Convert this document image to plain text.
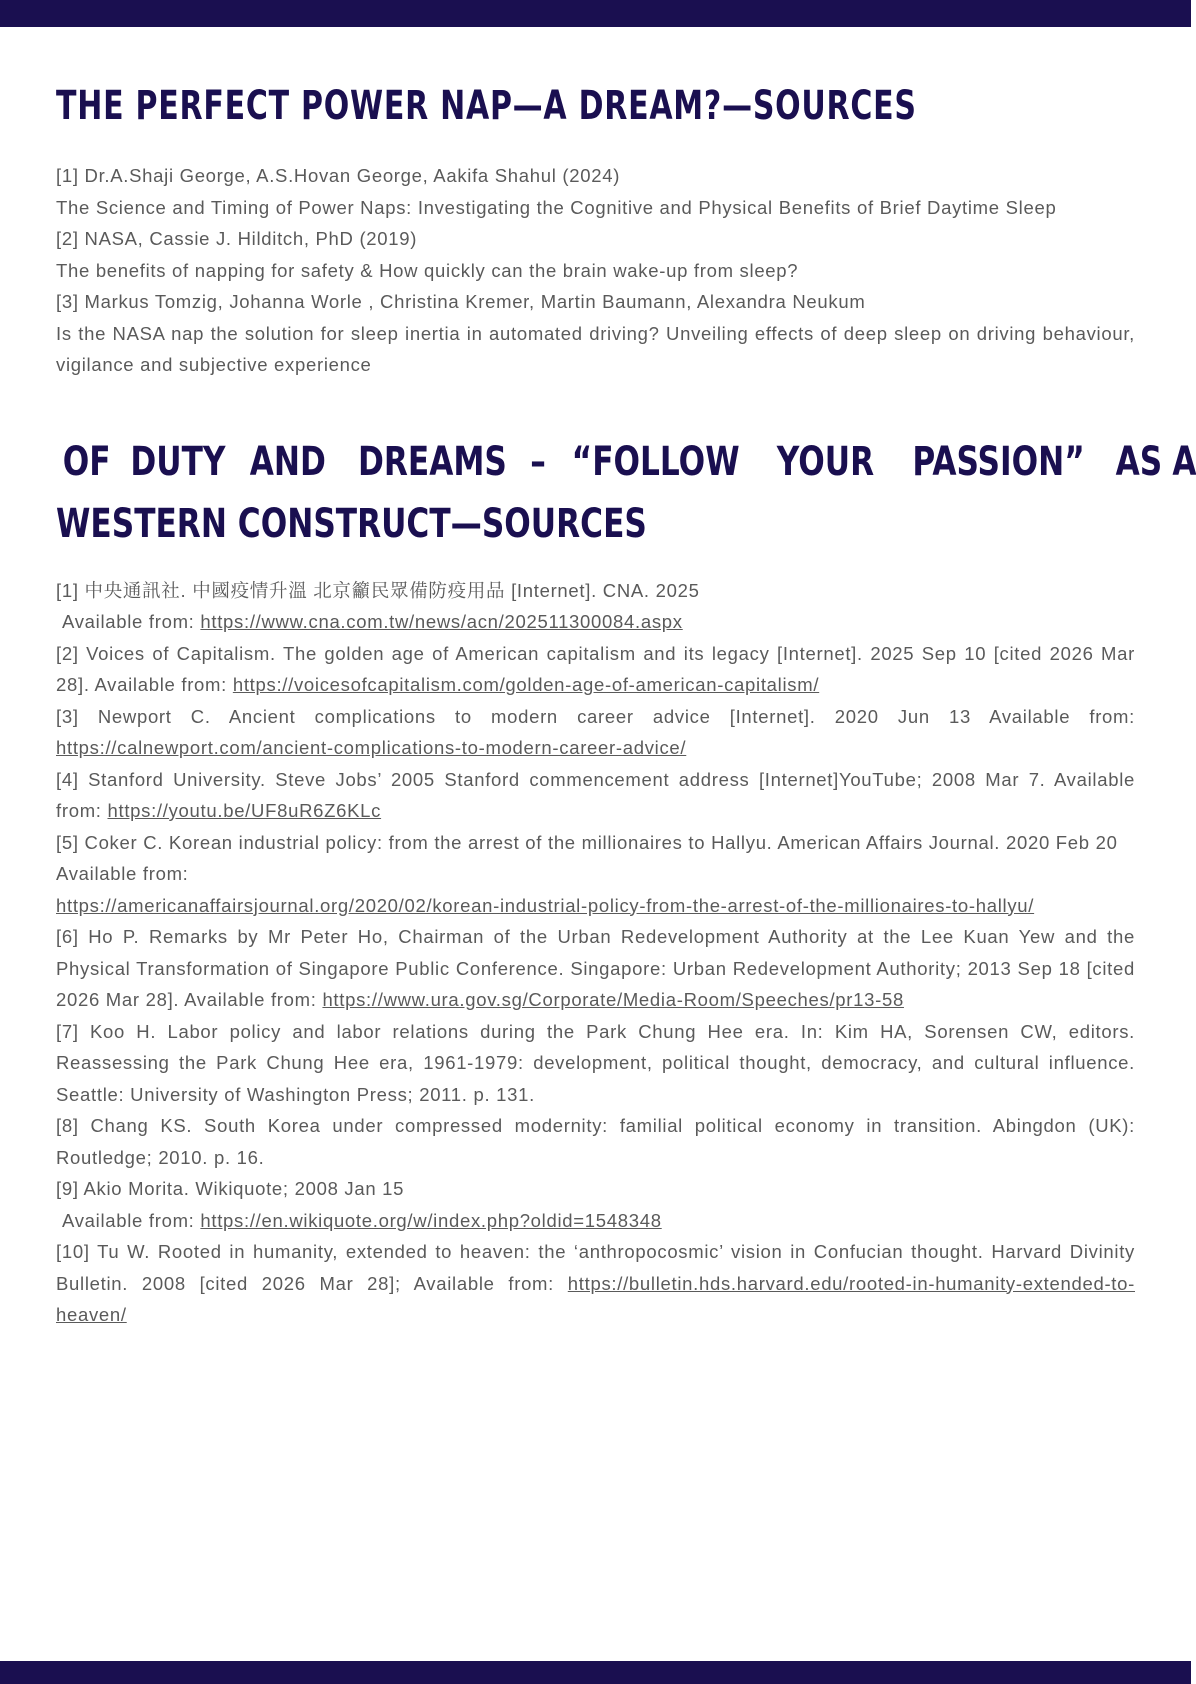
THE PERFECT POWER NAP—A DREAM?—SOURCES

[1] Dr.A.Shaji George, A.S.Hovan George, Aakifa Shahul (2024)

The Science and Timing of Power Naps: Investigating the Cognitive and Physical Benefits of Brief Daytime Sleep

[2] NASA, Cassie J. Hilditch, PhD (2019)

The benefits of napping for safety & How quickly can the brain wake-up from sleep?

[3] Markus Tomzig, Johanna Worle , Christina Kremer, Martin Baumann, Alexandra Neukum

Is the NASA nap the solution for sleep inertia in automated driving? Unveiling effects of deep sleep on driving behaviour, vigilance and subjective experience

OF DUTY AND DREAMS – “FOLLOW YOUR PASSION” AS A
WESTERN CONSTRUCT—SOURCES

[1] 中央通訊社. 中國疫情升溫 北京籲民眾備防疫用品 [Internet]. CNA. 2025

Available from: https://www.cna.com.tw/news/acn/202511300084.aspx

[2] Voices of Capitalism. The golden age of American capitalism and its legacy [Internet]. 2025 Sep 10 [cited 2026 Mar 28]. Available from: https://voicesofcapitalism.com/golden-age-of-american-capitalism/

[3] Newport C. Ancient complications to modern career advice [Internet]. 2020 Jun 13 Available from: https://calnewport.com/ancient-complications-to-modern-career-advice/

[4] Stanford University. Steve Jobs’ 2005 Stanford commencement address [Internet]YouTube; 2008 Mar 7. Available from: https://youtu.be/UF8uR6Z6KLc

[5] Coker C. Korean industrial policy: from the arrest of the millionaires to Hallyu. American Affairs Journal. 2020 Feb 20

Available from:

https://americanaffairsjournal.org/2020/02/korean-industrial-policy-from-the-arrest-of-the-millionaires-to-hallyu/

[6] Ho P. Remarks by Mr Peter Ho, Chairman of the Urban Redevelopment Authority at the Lee Kuan Yew and the Physical Transformation of Singapore Public Conference. Singapore: Urban Redevelopment Authority; 2013 Sep 18 [cited 2026 Mar 28]. Available from: https://www.ura.gov.sg/Corporate/Media-Room/Speeches/pr13-58

[7] Koo H. Labor policy and labor relations during the Park Chung Hee era. In: Kim HA, Sorensen CW, editors. Reassessing the Park Chung Hee era, 1961-1979: development, political thought, democracy, and cultural influence. Seattle: University of Washington Press; 2011. p. 131.

[8] Chang KS. South Korea under compressed modernity: familial political economy in transition. Abingdon (UK): Routledge; 2010. p. 16.

[9] Akio Morita. Wikiquote; 2008 Jan 15

Available from: https://en.wikiquote.org/w/index.php?oldid=1548348

[10] Tu W. Rooted in humanity, extended to heaven: the ‘anthropocosmic’ vision in Confucian thought. Harvard Divinity Bulletin. 2008 [cited 2026 Mar 28]; Available from: https://bulletin.hds.harvard.edu/rooted-in-humanity-extended-to-heaven/
